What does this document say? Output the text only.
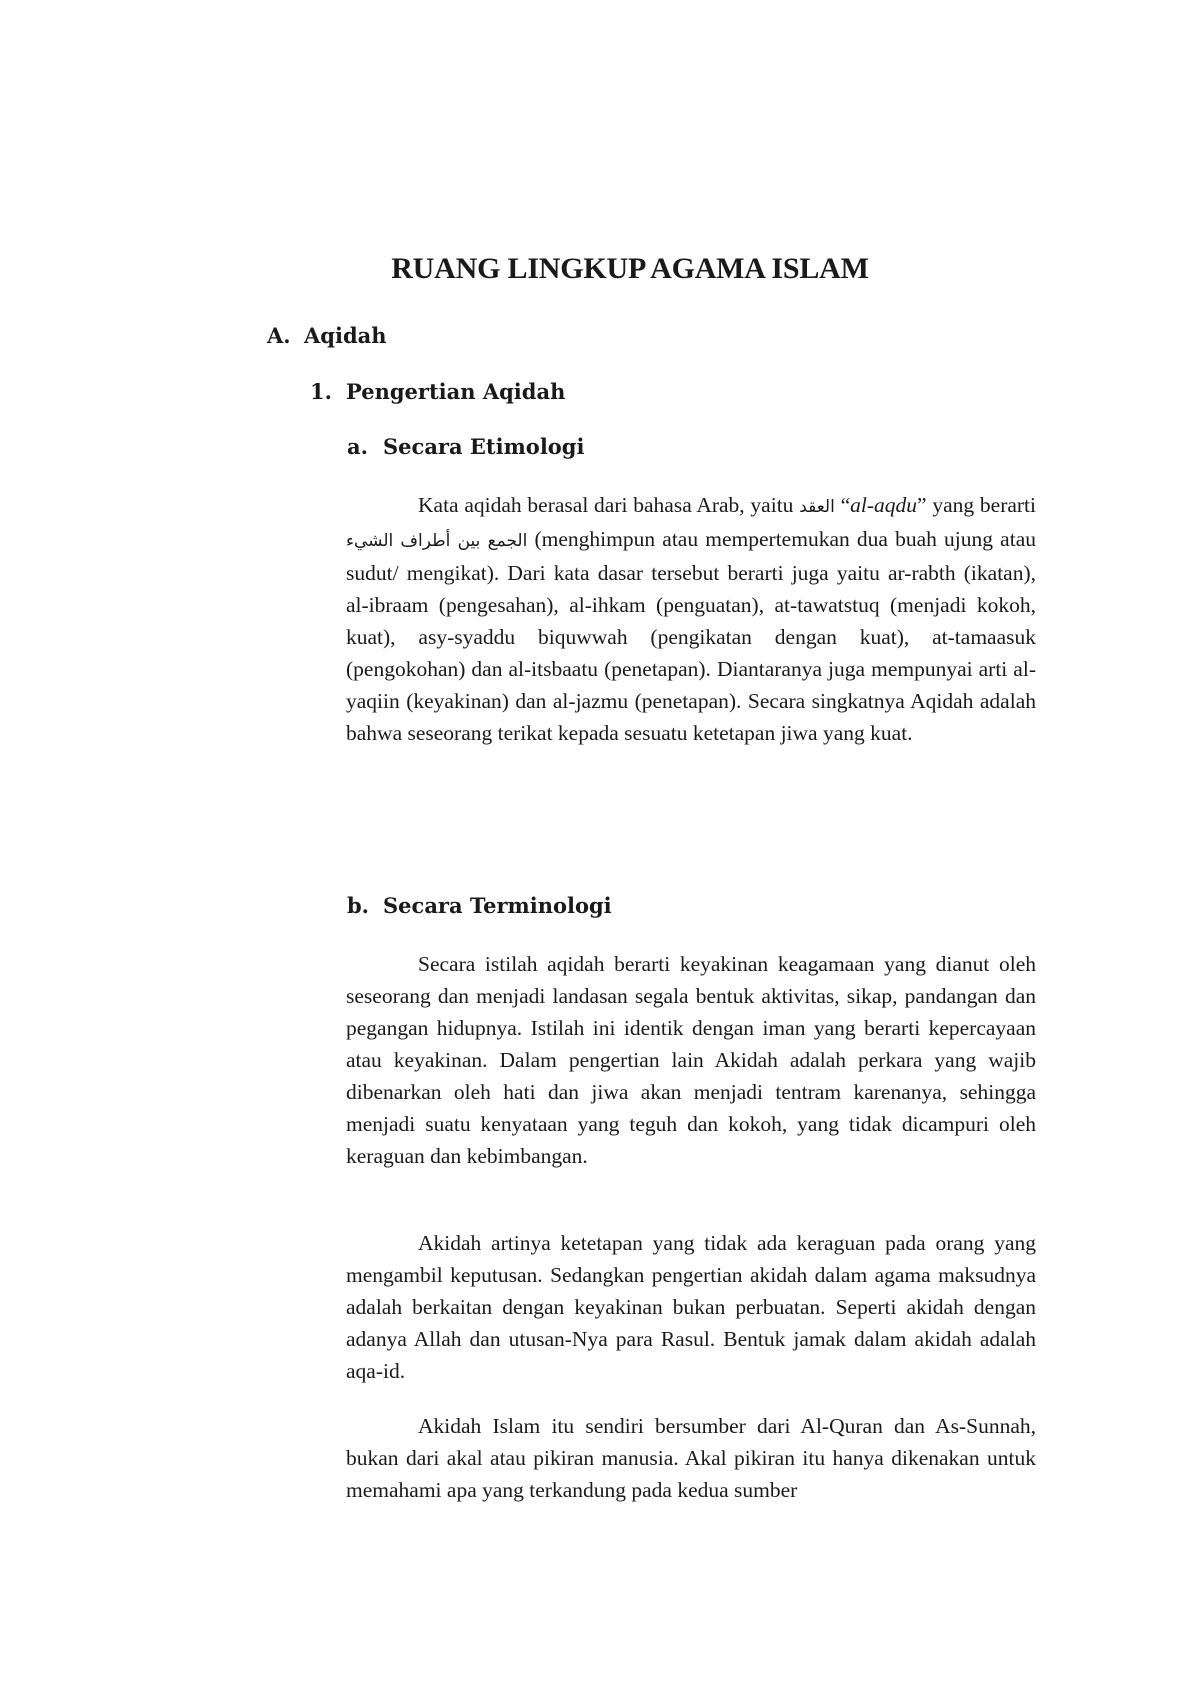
RUANG LINGKUP AGAMA ISLAM
A. Aqidah
1. Pengertian Aqidah
a. Secara Etimologi

Kata aqidah berasal dari bahasa Arab, yaitu العقد “al-aqdu” yang berarti الجمع بين أطراف الشيء (menghimpun atau mempertemukan dua buah ujung atau sudut/ mengikat). Dari kata dasar tersebut berarti juga yaitu ar-rabth (ikatan), al-ibraam (pengesahan), al-ihkam (penguatan), at-tawatstuq (menjadi kokoh, kuat), asy-syaddu biquwwah (pengikatan dengan kuat), at-tamaasuk (pengokohan) dan al-itsbaatu (penetapan). Diantaranya juga mempunyai arti al-yaqiin (keyakinan) dan al-jazmu (penetapan). Secara singkatnya Aqidah adalah bahwa seseorang terikat kepada sesuatu ketetapan jiwa yang kuat.

b. Secara Terminologi

Secara istilah aqidah berarti keyakinan keagamaan yang dianut oleh seseorang dan menjadi landasan segala bentuk aktivitas, sikap, pandangan dan pegangan hidupnya. Istilah ini identik dengan iman yang berarti kepercayaan atau keyakinan. Dalam pengertian lain Akidah adalah perkara yang wajib dibenarkan oleh hati dan jiwa akan menjadi tentram karenanya, sehingga menjadi suatu kenyataan yang teguh dan kokoh, yang tidak dicampuri oleh keraguan dan kebimbangan.

Akidah artinya ketetapan yang tidak ada keraguan pada orang yang mengambil keputusan. Sedangkan pengertian akidah dalam agama maksudnya adalah berkaitan dengan keyakinan bukan perbuatan. Seperti akidah dengan adanya Allah dan utusan-Nya para Rasul. Bentuk jamak dalam akidah adalah aqa-id.

Akidah Islam itu sendiri bersumber dari Al-Quran dan As-Sunnah, bukan dari akal atau pikiran manusia. Akal pikiran itu hanya dikenakan untuk memahami apa yang terkandung pada kedua sumber
